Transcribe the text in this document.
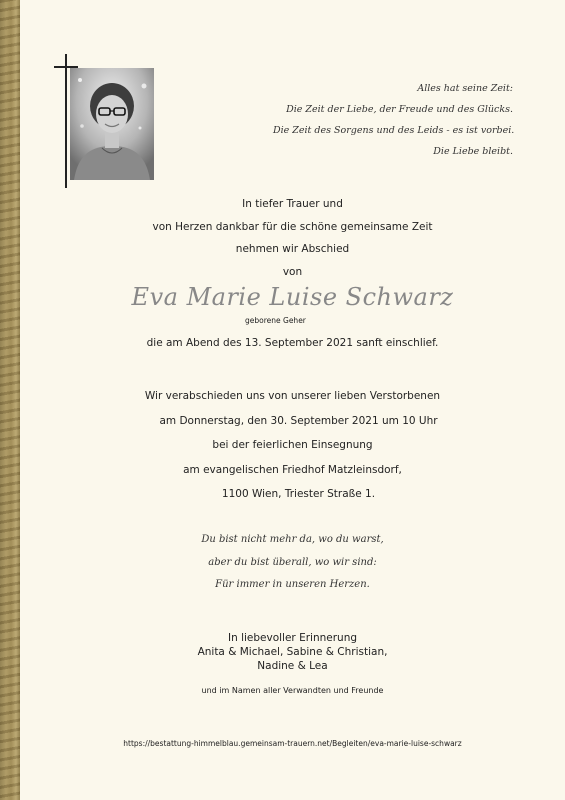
Alles hat seine Zeit:
Die Zeit der Liebe, der Freude und des Glücks.
Die Zeit des Sorgens und des Leids - es ist vorbei.
Die Liebe bleibt.
In tiefer Trauer und
von Herzen dankbar für die schöne gemeinsame Zeit
nehmen wir Abschied
von
Eva Marie Luise Schwarz
geborene Geher
die am Abend des 13. September 2021 sanft einschlief.
Wir verabschieden uns von unserer lieben Verstorbenen
am Donnerstag, den 30. September 2021 um 10 Uhr
bei der feierlichen Einsegnung
am evangelischen Friedhof Matzleinsdorf,
1100 Wien, Triester Straße 1.
Du bist nicht mehr da, wo du warst,
aber du bist überall, wo wir sind:
Für immer in unseren Herzen.
In liebevoller Erinnerung
Anita & Michael, Sabine & Christian,
Nadine & Lea
und im Namen aller Verwandten und Freunde
https://bestattung-himmelblau.gemeinsam-trauern.net/Begleiten/eva-marie-luise-schwarz
